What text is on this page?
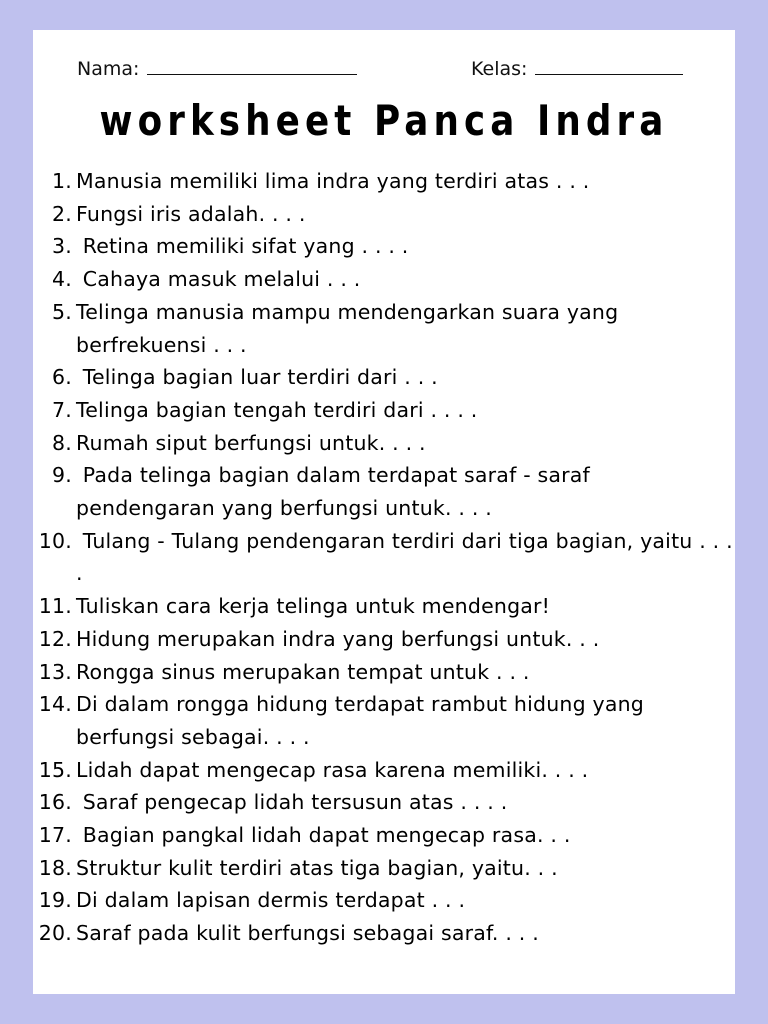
Nama:	Kelas:
worksheet Panca Indra
1. Manusia memiliki lima indra yang terdiri atas . . .
2. Fungsi iris adalah. . . .
3. Retina memiliki sifat yang . . . .
4. Cahaya masuk melalui . . .
5. Telinga manusia mampu mendengarkan suara yang berfrekuensi . . .
6. Telinga bagian luar terdiri dari . . .
7. Telinga bagian tengah terdiri dari . . . .
8. Rumah siput berfungsi untuk. . . .
9. Pada telinga bagian dalam terdapat saraf - saraf pendengaran yang berfungsi untuk. . . .
10. Tulang - Tulang pendengaran terdiri dari tiga bagian, yaitu . . . .
11. Tuliskan cara kerja telinga untuk mendengar!
12. Hidung merupakan indra yang berfungsi untuk. . .
13. Rongga sinus merupakan tempat untuk . . .
14. Di dalam rongga hidung terdapat rambut hidung yang berfungsi sebagai. . . .
15. Lidah dapat mengecap rasa karena memiliki. . . .
16. Saraf pengecap lidah tersusun atas . . . .
17. Bagian pangkal lidah dapat mengecap rasa. . .
18. Struktur kulit terdiri atas tiga bagian, yaitu. . .
19. Di dalam lapisan dermis terdapat . . .
20. Saraf pada kulit berfungsi sebagai saraf. . . .
